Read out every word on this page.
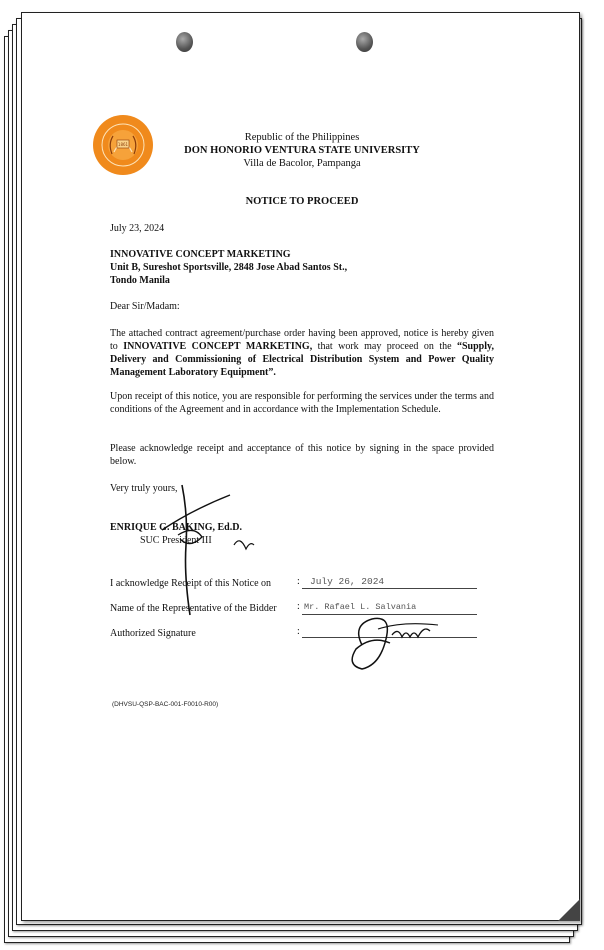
1861
Republic of the Philippines
DON HONORIO VENTURA STATE UNIVERSITY
Villa de Bacolor, Pampanga
NOTICE TO PROCEED
July 23, 2024
INNOVATIVE CONCEPT MARKETING
Unit B, Sureshot Sportsville, 2848 Jose Abad Santos St.,
Tondo Manila
Dear Sir/Madam:
The attached contract agreement/purchase order having been approved, notice is hereby given to INNOVATIVE CONCEPT MARKETING, that work may proceed on the “Supply, Delivery and Commissioning of Electrical Distribution System and Power Quality Management Laboratory Equipment”.
Upon receipt of this notice, you are responsible for performing the services under the terms and conditions of the Agreement and in accordance with the Implementation Schedule.
Please acknowledge receipt and acceptance of this notice by signing in the space provided below.
Very truly yours,
ENRIQUE G. BAKING, Ed.D.
SUC President III
I acknowledge Receipt of this Notice on	:	July 26, 2024
Name of the Representative of the Bidder : Mr. Rafael L. Salvania
Authorized Signature	:
(DHVSU-QSP-BAC-001-F0010-R00)
